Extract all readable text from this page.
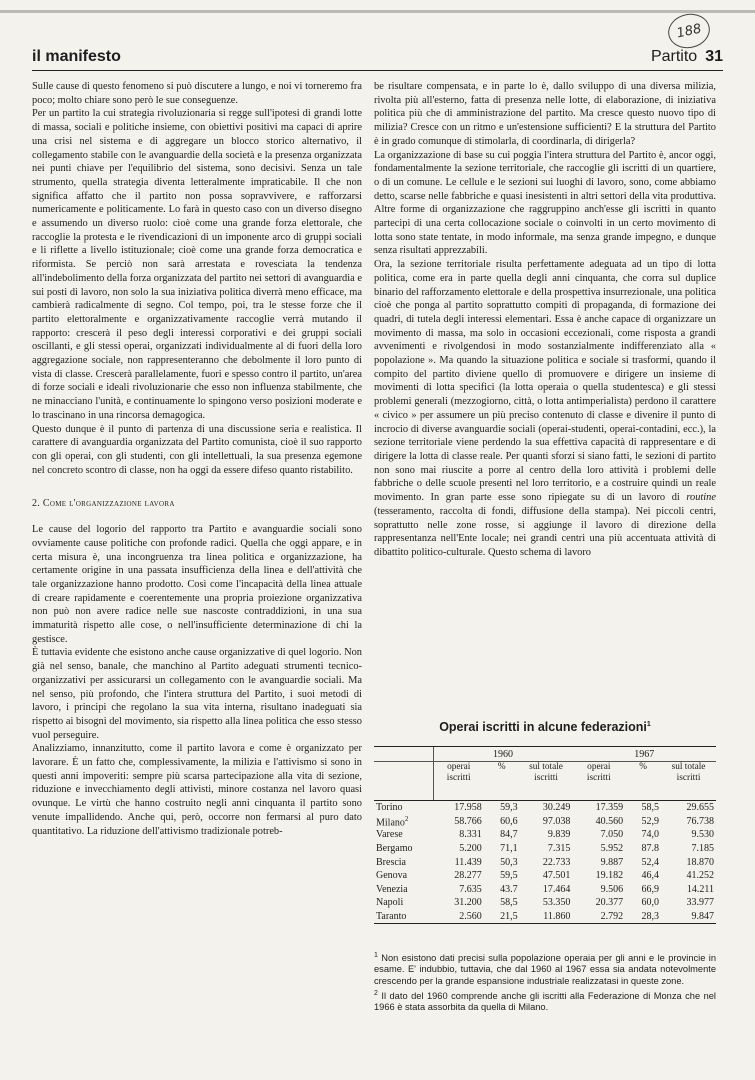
188
il manifesto	Partito 31

Sulle cause di questo fenomeno si può discutere a lungo, e noi vi torneremo fra poco; molto chiare sono però le sue conseguenze.

Per un partito la cui strategia rivoluzionaria si regge sull'ipotesi di grandi lotte di massa, sociali e politiche insieme, con obiettivi positivi ma capaci di aprire una crisi nel sistema e di aggregare un blocco storico alternativo, il collegamento stabile con le avanguardie della società e la presenza organizzata nei punti chiave per l'equilibrio del sistema, sono decisivi. Senza un tale strumento, quella strategia diventa letteralmente impraticabile. Il che non significa affatto che il partito non possa sopravvivere, e rafforzarsi numericamente e politicamente. Lo farà in questo caso con un diverso disegno e assumendo un diverso ruolo: cioè come una grande forza elettorale, che raccoglie la protesta e le rivendicazioni di un imponente arco di gruppi sociali e li riflette a livello istituzionale; cioè come una grande forza democratica e riformista. Se perciò non sarà arrestata e rovesciata la tendenza all'indebolimento della forza organizzata del partito nei settori di avanguardia e sui posti di lavoro, non solo la sua iniziativa politica diverrà meno efficace, ma cambierà radicalmente di segno. Col tempo, poi, tra le stesse forze che il partito elettoralmente e organizzativamente raccoglie verrà mutando il rapporto: crescerà il peso degli interessi corporativi e dei gruppi sociali oscillanti, e gli stessi operai, organizzati individualmente al di fuori della loro aggregazione sociale, non rappresenteranno che debolmente il loro punto di vista di classe. Crescerà parallelamente, fuori e spesso contro il partito, un'area di forze sociali e ideali rivoluzionarie che esso non influenza stabilmente, che ne minacciano l'unità, e continuamente lo spingono verso posizioni moderate e lo trascinano in una rincorsa demagogica.

Questo dunque è il punto di partenza di una discussione seria e realistica. Il carattere di avanguardia organizzata del Partito comunista, cioè il suo rapporto con gli operai, con gli studenti, con gli intellettuali, la sua presenza egemone nel concreto scontro di classe, non ha oggi da essere difeso quanto ristabilito.

2. Come l'organizzazione lavora

Le cause del logorio del rapporto tra Partito e avanguardie sociali sono ovviamente cause politiche con profonde radici. Quella che oggi appare, e in certa misura è, una incongruenza tra linea politica e organizzazione, ha certamente origine in una passata insufficienza della linea e dell'attività che tale organizzazione hanno prodotto. Così come l'incapacità della linea attuale di creare rapidamente e coerentemente una propria proiezione organizzativa non può non avere radice nelle sue nascoste contraddizioni, in una sua immaturità rispetto alle cose, o nell'insufficiente determinazione di chi la gestisce.

È tuttavia evidente che esistono anche cause organizzative di quel logorio. Non già nel senso, banale, che manchino al Partito adeguati strumenti tecnico-organizzativi per assicurarsi un collegamento con le avanguardie sociali. Ma nel senso, più profondo, che l'intera struttura del Partito, i suoi metodi di lavoro, i principi che regolano la sua vita interna, risultano inadeguati sia rispetto ai bisogni del movimento, sia rispetto alla linea politica che esso stesso vuol perseguire.

Analizziamo, innanzitutto, come il partito lavora e come è organizzato per lavorare. È un fatto che, complessivamente, la milizia e l'attivismo si sono in questi anni impoveriti: sempre più scarsa partecipazione alla vita di sezione, riduzione e invecchiamento degli attivisti, minore costanza nel lavoro quasi ovunque. Le virtù che hanno costruito negli anni cinquanta il partito sono venute impallidendo. Anche qui, però, occorre non fermarsi al puro dato quantitativo. La riduzione dell'attivismo tradizionale potreb-

be risultare compensata, e in parte lo è, dallo sviluppo di una diversa milizia, rivolta più all'esterno, fatta di presenza nelle lotte, di elaborazione, di iniziativa politica più che di amministrazione del partito. Ma cresce questo nuovo tipo di milizia? Cresce con un ritmo e un'estensione sufficienti? E la struttura del Partito è in grado comunque di stimolarla, di coordinarla, di dirigerla?

La organizzazione di base su cui poggia l'intera struttura del Partito è, ancor oggi, fondamentalmente la sezione territoriale, che raccoglie gli iscritti di un quartiere, o di un comune. Le cellule e le sezioni sui luoghi di lavoro, sono, come abbiamo detto, scarse nelle fabbriche e quasi inesistenti in altri settori della vita produttiva. Altre forme di organizzazione che raggruppino anch'esse gli iscritti in quanto partecipi di una certa collocazione sociale o coinvolti in un certo movimento di lotta sono state tentate, in modo informale, ma senza grande impegno, e dunque senza risultati apprezzabili.

Ora, la sezione territoriale risulta perfettamente adeguata ad un tipo di lotta politica, come era in parte quella degli anni cinquanta, che corra sul duplice binario del rafforzamento elettorale e della prospettiva insurrezionale, una politica cioè che ponga al partito soprattutto compiti di propaganda, di formazione dei quadri, di tutela degli interessi elementari. Essa è anche capace di organizzare un movimento di massa, ma solo in occasioni eccezionali, come risposta a grandi avvenimenti e rivolgendosi in modo sostanzialmente indifferenziato alla « popolazione ». Ma quando la situazione politica e sociale si trasformi, quando il compito del partito diviene quello di promuovere e dirigere un insieme di movimenti di lotta specifici (la lotta operaia o quella studentesca) e gli stessi problemi generali (mezzogiorno, città, o lotta antimperialista) perdono il carattere « civico » per assumere un più preciso contenuto di classe e divenire il punto di incrocio di diverse avanguardie sociali (operai-studenti, operai-contadini, ecc.), la sezione territoriale viene perdendo la sua effettiva capacità di rappresentare e di dirigere la lotta di classe reale. Per quanti sforzi si siano fatti, le sezioni di partito non sono mai riuscite a porre al centro della loro attività i problemi delle fabbriche o delle scuole presenti nel loro territorio, e a costruire quindi un reale movimento. In gran parte esse sono ripiegate su di un lavoro di routine (tesseramento, raccolta di fondi, diffusione della stampa). Nei piccoli centri, soprattutto nelle zone rosse, si aggiunge il lavoro di direzione della rappresentanza nell'Ente locale; nei grandi centri una più accentuata attività di dibattito politico-culturale. Questo schema di lavoro

Operai iscritti in alcune federazioni$^1$
	1960			1967		
	operai iscritti	%	sul totale iscritti	operai iscritti	%	sul totale iscritti
Torino	17.958	59,3	30.249	17.359	58,5	29.655
Milano$^2$	58.766	60,6	97.038	40.560	52,9	76.738
Varese	8.331	84,7	9.839	7.050	74,0	9.530
Bergamo	5.200	71,1	7.315	5.952	87.8	7.185
Brescia	11.439	50,3	22.733	9.887	52,4	18.870
Genova	28.277	59,5	47.501	19.182	46,4	41.252
Venezia	7.635	43.7	17.464	9.506	66,9	14.211
Napoli	31.200	58,5	53.350	20.377	60,0	33.977
Taranto	2.560	21,5	11.860	2.792	28,3	9.847

$^1$ Non esistono dati precisi sulla popolazione operaia per gli anni e le provincie in esame. E' indubbio, tuttavia, che dal 1960 al 1967 essa sia andata notevolmente crescendo per la grande espansione industriale realizzatasi in queste zone.

$^2$ Il dato del 1960 comprende anche gli iscritti alla Federazione di Monza che nel 1966 è stata assorbita da quella di Milano.
